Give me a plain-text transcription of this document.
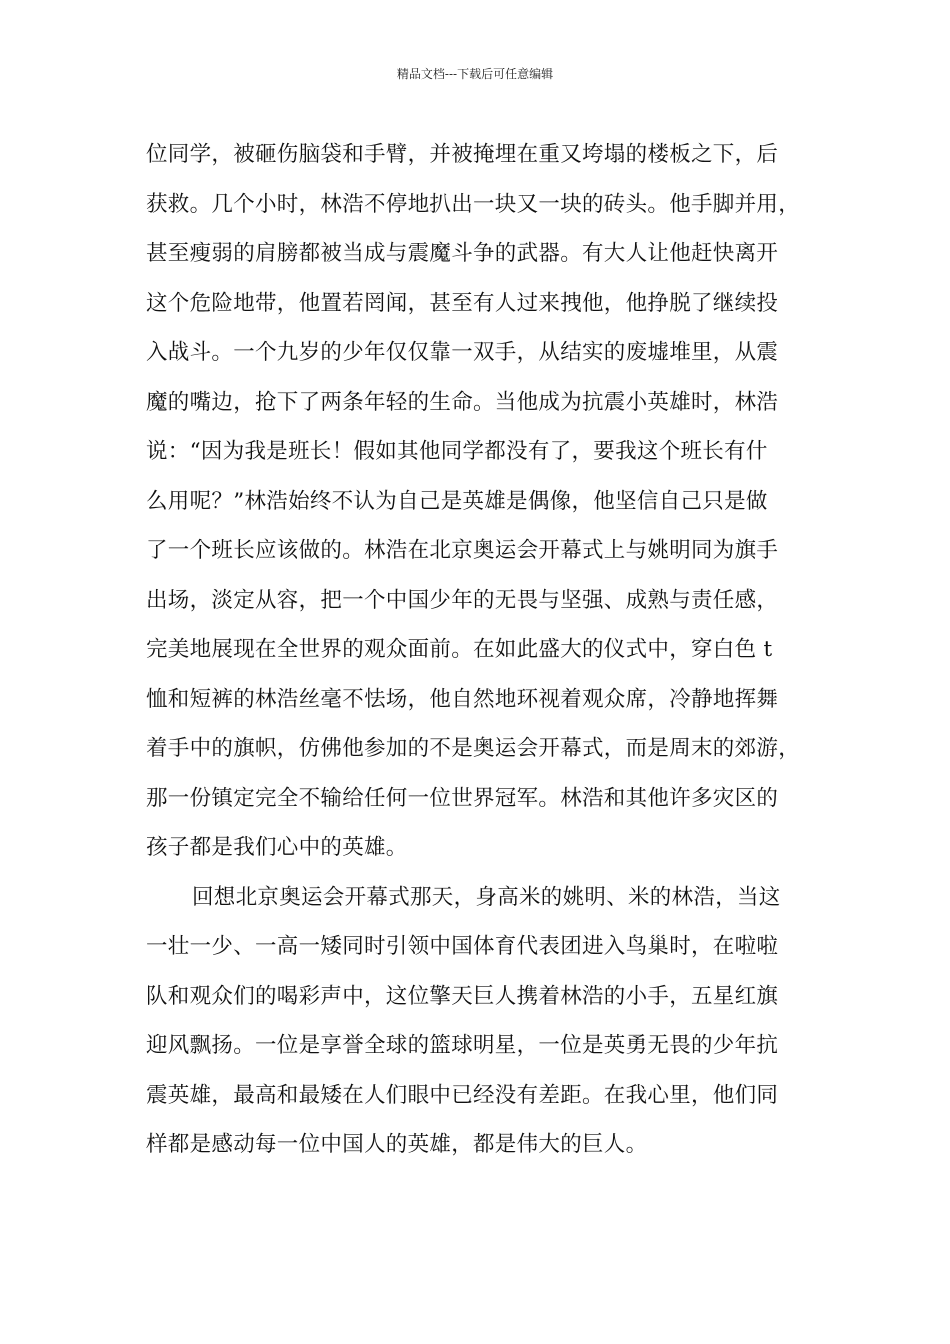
精品文档---下载后可任意编辑
位同学，被砸伤脑袋和手臂，并被掩埋在重又垮塌的楼板之下，后
获救。几个小时，林浩不停地扒出一块又一块的砖头。他手脚并用，
甚至瘦弱的肩膀都被当成与震魔斗争的武器。有大人让他赶快离开
这个危险地带，他置若罔闻，甚至有人过来拽他，他挣脱了继续投
入战斗。一个九岁的少年仅仅靠一双手，从结实的废墟堆里，从震
魔的嘴边，抢下了两条年轻的生命。当他成为抗震小英雄时，林浩
说：“因为我是班长！假如其他同学都没有了，要我这个班长有什
么用呢？”林浩始终不认为自己是英雄是偶像，他坚信自己只是做
了一个班长应该做的。林浩在北京奥运会开幕式上与姚明同为旗手
出场，淡定从容，把一个中国少年的无畏与坚强、成熟与责任感，
完美地展现在全世界的观众面前。在如此盛大的仪式中，穿白色 t
恤和短裤的林浩丝毫不怯场，他自然地环视着观众席，冷静地挥舞
着手中的旗帜，仿佛他参加的不是奥运会开幕式，而是周末的郊游，
那一份镇定完全不输给任何一位世界冠军。林浩和其他许多灾区的
孩子都是我们心中的英雄。
回想北京奥运会开幕式那天，身高米的姚明、米的林浩，当这
一壮一少、一高一矮同时引领中国体育代表团进入鸟巢时，在啦啦
队和观众们的喝彩声中，这位擎天巨人携着林浩的小手，五星红旗
迎风飘扬。一位是享誉全球的篮球明星，一位是英勇无畏的少年抗
震英雄，最高和最矮在人们眼中已经没有差距。在我心里，他们同
样都是感动每一位中国人的英雄，都是伟大的巨人。
